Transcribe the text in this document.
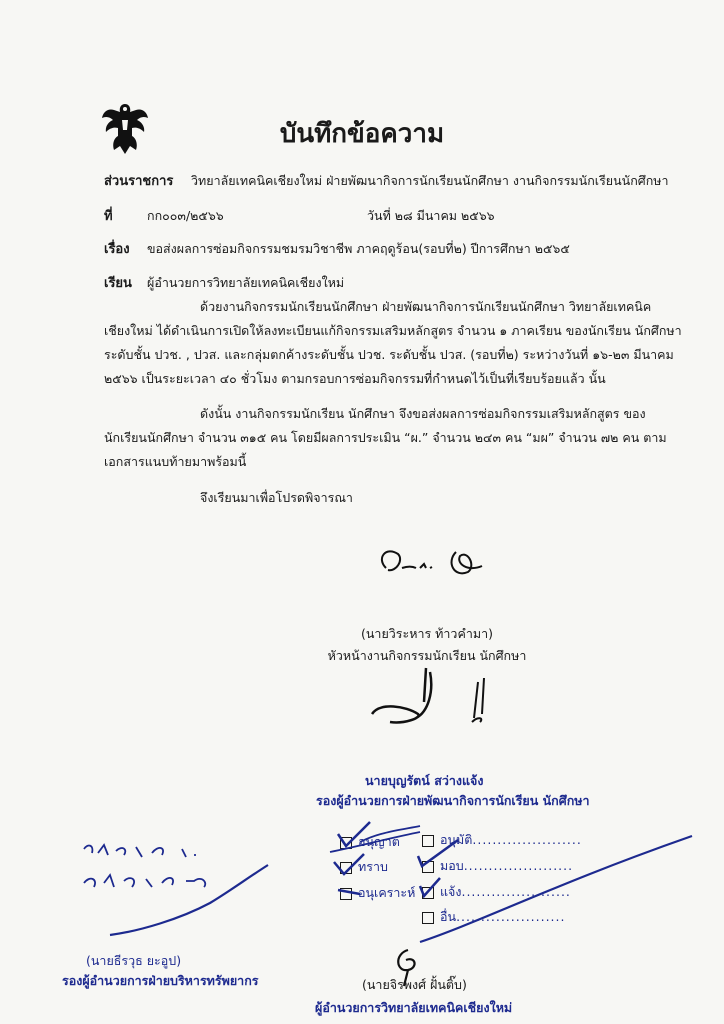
บันทึกข้อความ
ส่วนราชการ วิทยาลัยเทคนิคเชียงใหม่ ฝ่ายพัฒนากิจการนักเรียนนักศึกษา งานกิจกรรมนักเรียนนักศึกษา
ที่	กก๐๐๓/๒๕๖๖	วันที่ ๒๘ มีนาคม ๒๕๖๖
เรื่อง ขอส่งผลการซ่อมกิจกรรมชมรมวิชาชีพ ภาคฤดูร้อน(รอบที่๒) ปีการศึกษา ๒๕๖๕
เรียน ผู้อำนวยการวิทยาลัยเทคนิคเชียงใหม่
ด้วยงานกิจกรรมนักเรียนนักศึกษา ฝ่ายพัฒนากิจการนักเรียนนักศึกษา วิทยาลัยเทคนิค
เชียงใหม่ ได้ดำเนินการเปิดให้ลงทะเบียนแก้กิจกรรมเสริมหลักสูตร จำนวน ๑ ภาคเรียน ของนักเรียน นักศึกษา
ระดับชั้น ปวช. , ปวส. และกลุ่มตกค้างระดับชั้น ปวช. ระดับชั้น ปวส. (รอบที่๒) ระหว่างวันที่ ๑๖-๒๓ มีนาคม
๒๕๖๖ เป็นระยะเวลา ๔๐ ชั่วโมง ตามกรอบการซ่อมกิจกรรมที่กำหนดไว้เป็นที่เรียบร้อยแล้ว นั้น
ดังนั้น งานกิจกรรมนักเรียน นักศึกษา จึงขอส่งผลการซ่อมกิจกรรมเสริมหลักสูตร ของ
นักเรียนนักศึกษา จำนวน ๓๑๕ คน โดยมีผลการประเมิน “ผ.” จำนวน ๒๔๓ คน “มผ” จำนวน ๗๒ คน ตาม
เอกสารแนบท้ายมาพร้อมนี้
จึงเรียนมาเพื่อโปรดพิจารณา
(นายวิระหาร ท้าวคำมา)
หัวหน้างานกิจกรรมนักเรียน นักศึกษา
นายบุญรัตน์ สว่างแจ้ง
รองผู้อำนวยการฝ่ายพัฒนากิจการนักเรียน นักศึกษา
อนุญาต
ทราบ
อนุเคราะห์
อนุมัติ......................
มอบ......................
แจ้ง......................
อื่น......................
(นายธีรวุธ ยะอูป)
รองผู้อำนวยการฝ่ายบริหารทรัพยากร	(นายจิรพงศ์ ฝั้นติ๊บ)
ผู้อำนวยการวิทยาลัยเทคนิคเชียงใหม่
